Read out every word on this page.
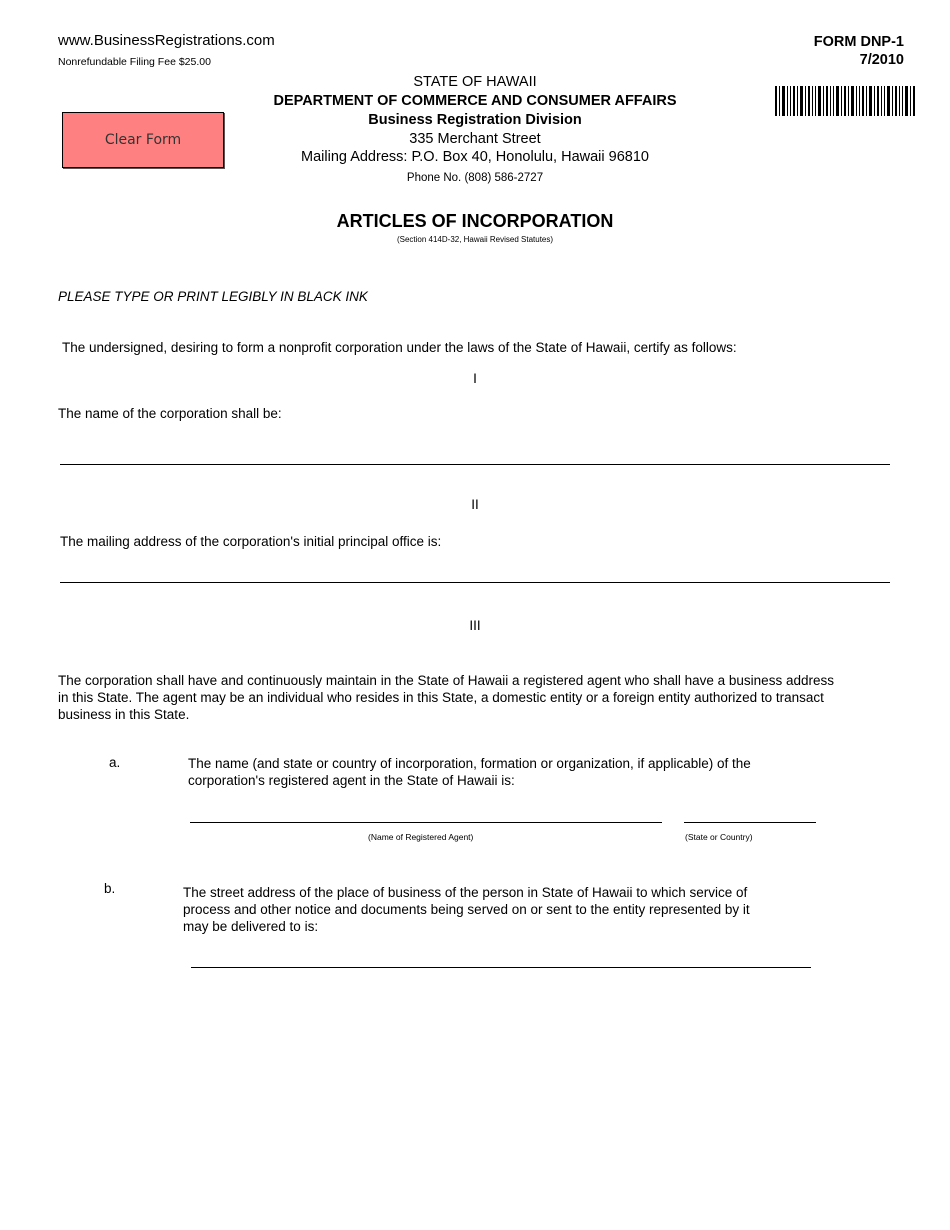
www.BusinessRegistrations.com
Nonrefundable Filing Fee $25.00
FORM DNP-1
7/2010
Clear Form
STATE OF HAWAII
DEPARTMENT OF COMMERCE AND CONSUMER AFFAIRS
Business Registration Division
335 Merchant Street
Mailing Address: P.O. Box 40, Honolulu, Hawaii 96810
Phone No. (808) 586-2727
ARTICLES OF INCORPORATION
(Section 414D-32, Hawaii Revised Statutes)
PLEASE TYPE OR PRINT LEGIBLY IN BLACK INK
The undersigned, desiring to form a nonprofit corporation under the laws of the State of Hawaii, certify as follows:
I
The name of the corporation shall be:
II
The mailing address of the corporation's initial principal office is:
III
The corporation shall have and continuously maintain in the State of Hawaii a registered agent who shall have a business address
in this State. The agent may be an individual who resides in this State, a domestic entity or a foreign entity authorized to transact
business in this State.
a.	The name (and state or country of incorporation, formation or organization, if applicable) of the
corporation's registered agent in the State of Hawaii is:
(Name of Registered Agent)	(State or Country)
b.	The street address of the place of business of the person in State of Hawaii to which service of
process and other notice and documents being served on or sent to the entity represented by it
may be delivered to is:
